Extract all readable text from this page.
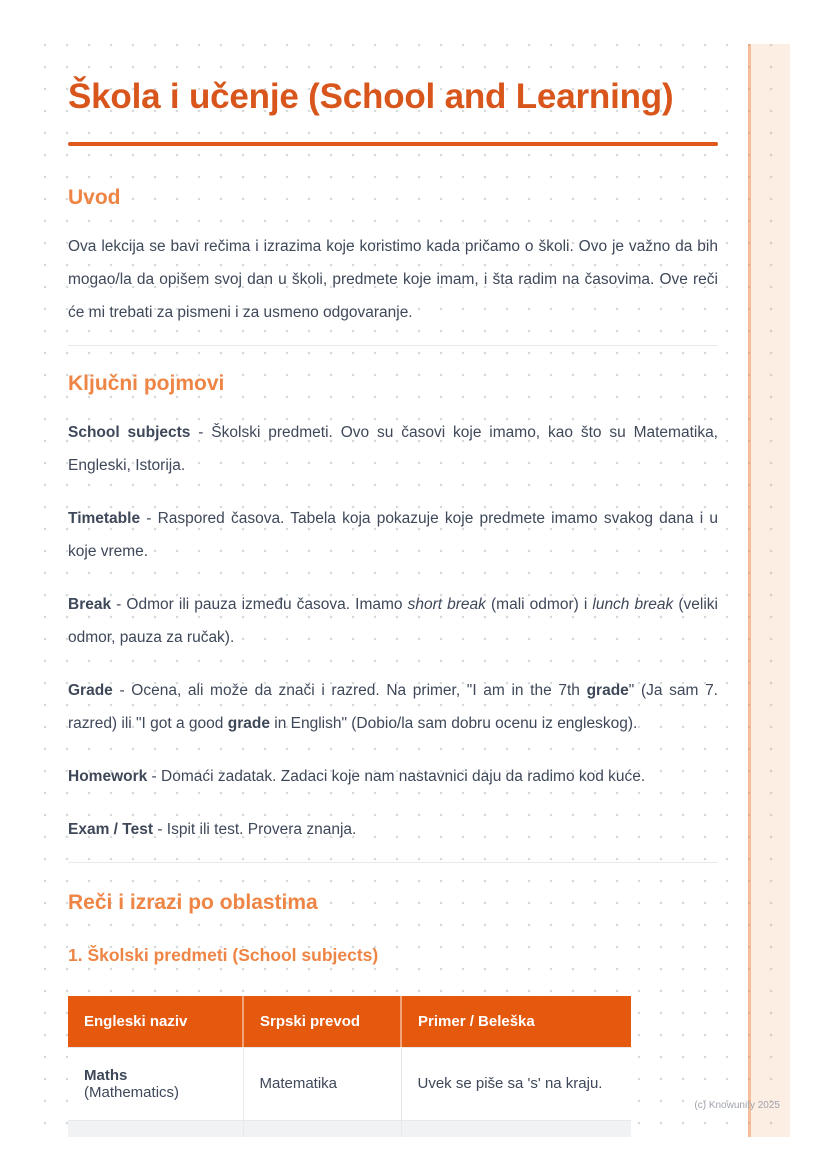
Škola i učenje (School and Learning)
Uvod

Ova lekcija se bavi rečima i izrazima koje koristimo kada pričamo o školi. Ovo je važno da bih mogao/la da opišem svoj dan u školi, predmete koje imam, i šta radim na časovima. Ove reči će mi trebati za pismeni i za usmeno odgovaranje.

Ključni pojmovi

School subjects - Školski predmeti. Ovo su časovi koje imamo, kao što su Matematika, Engleski, Istorija.

Timetable - Raspored časova. Tabela koja pokazuje koje predmete imamo svakog dana i u koje vreme.

Break - Odmor ili pauza između časova. Imamo short break (mali odmor) i lunch break (veliki odmor, pauza za ručak).

Grade - Ocena, ali može da znači i razred. Na primer, "I am in the 7th grade" (Ja sam 7. razred) ili "I got a good grade in English" (Dobio/la sam dobru ocenu iz engleskog).

Homework - Domaći zadatak. Zadaci koje nam nastavnici daju da radimo kod kuće.

Exam / Test - Ispit ili test. Provera znanja.

Reči i izrazi po oblastima
1. Školski predmeti (School subjects)
Engleski naziv	Srpski prevod	Primer / Beleška
Maths (Mathematics)	Matematika	Uvek se piše sa 's' na kraju.

(c) Knowunity 2025
